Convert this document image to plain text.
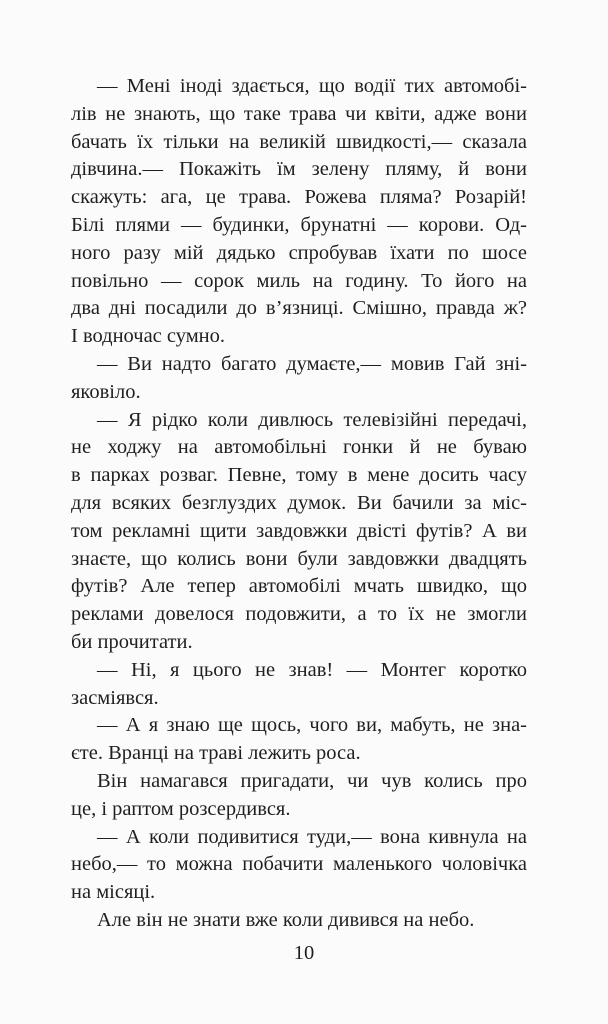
— Мені іноді здається, що водії тих автомобі-
лів не знають, що таке трава чи квіти, адже вони
бачать їх тільки на великій швидкості,— сказала
дівчина.— Покажіть їм зелену пляму, й вони
скажуть: ага, це трава. Рожева пляма? Розарій!
Білі плями — будинки, брунатні — корови. Од-
ного разу мій дядько спробував їхати по шосе
повільно — сорок миль на годину. То його на
два дні посадили до в’язниці. Смішно, правда ж?
І водночас сумно.
— Ви надто багато думаєте,— мовив Гай зні-
яковіло.
— Я рідко коли дивлюсь телевізійні передачі,
не ходжу на автомобільні гонки й не буваю
в парках розваг. Певне, тому в мене досить часу
для всяких безглуздих думок. Ви бачили за міс-
том рекламні щити завдовжки двісті футів? А ви
знаєте, що колись вони були завдовжки двадцять
футів? Але тепер автомобілі мчать швидко, що
реклами довелося подовжити, а то їх не змогли
би прочитати.
— Ні, я цього не знав! — Монтег коротко
засміявся.
— А я знаю ще щось, чого ви, мабуть, не зна-
єте. Вранці на траві лежить роса.
Він намагався пригадати, чи чув колись про
це, і раптом розсердився.
— А коли подивитися туди,— вона кивнула на
небо,— то можна побачити маленького чоловічка
на місяці.
Але він не знати вже коли дивився на небо.
10
